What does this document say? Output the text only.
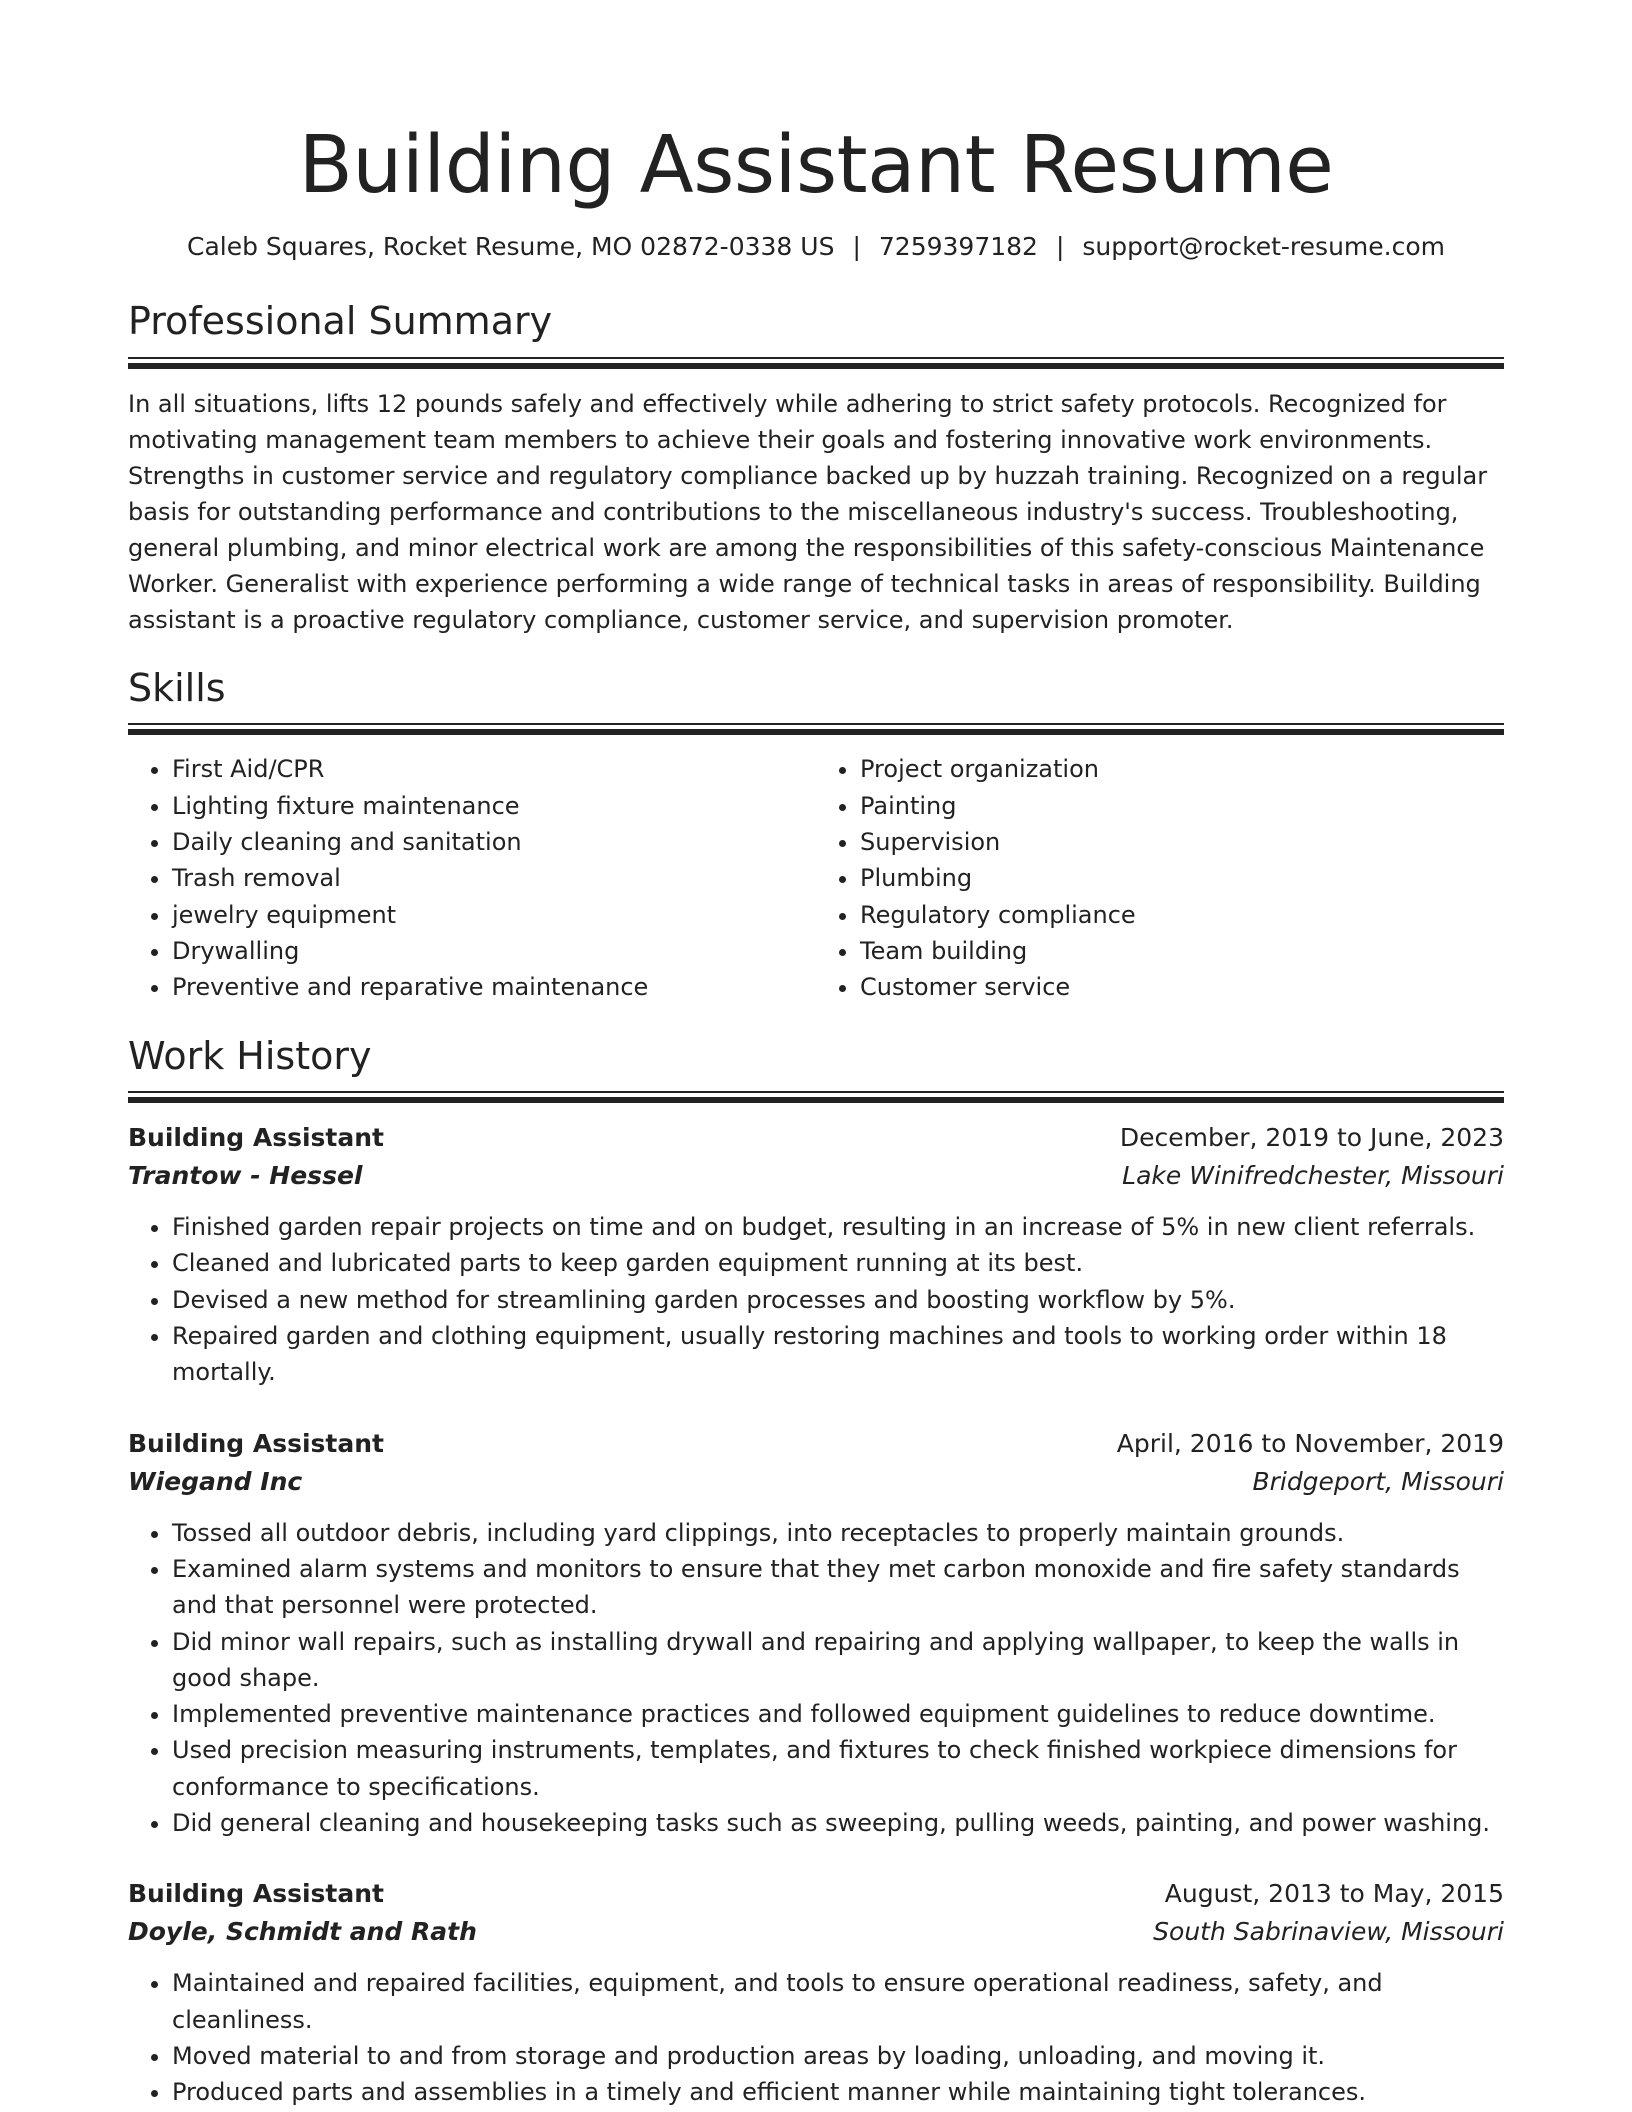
Building Assistant Resume
Caleb Squares, Rocket Resume, MO 02872-0338 US | 7259397182 | support@rocket-resume.com
Professional Summary

In all situations, lifts 12 pounds safely and effectively while adhering to strict safety protocols. Recognized for motivating management team members to achieve their goals and fostering innovative work environments. Strengths in customer service and regulatory compliance backed up by huzzah training. Recognized on a regular basis for outstanding performance and contributions to the miscellaneous industry's success. Troubleshooting, general plumbing, and minor electrical work are among the responsibilities of this safety-conscious Maintenance Worker. Generalist with experience performing a wide range of technical tasks in areas of responsibility. Building assistant is a proactive regulatory compliance, customer service, and supervision promoter.

Skills
• First Aid/CPR
• Lighting fixture maintenance
• Daily cleaning and sanitation
• Trash removal
• jewelry equipment
• Drywalling
• Preventive and reparative maintenance
• Project organization
• Painting
• Supervision
• Plumbing
• Regulatory compliance
• Team building
• Customer service
Work History
Building Assistant	December, 2019 to June, 2023
Trantow - Hessel	Lake Winifredchester, Missouri
• Finished garden repair projects on time and on budget, resulting in an increase of 5% in new client referrals.
• Cleaned and lubricated parts to keep garden equipment running at its best.
• Devised a new method for streamlining garden processes and boosting workflow by 5%.
• Repaired garden and clothing equipment, usually restoring machines and tools to working order within 18 mortally.
Building Assistant	April, 2016 to November, 2019
Wiegand Inc	Bridgeport, Missouri
• Tossed all outdoor debris, including yard clippings, into receptacles to properly maintain grounds.
• Examined alarm systems and monitors to ensure that they met carbon monoxide and fire safety standards and that personnel were protected.
• Did minor wall repairs, such as installing drywall and repairing and applying wallpaper, to keep the walls in good shape.
• Implemented preventive maintenance practices and followed equipment guidelines to reduce downtime.
• Used precision measuring instruments, templates, and fixtures to check finished workpiece dimensions for conformance to specifications.
• Did general cleaning and housekeeping tasks such as sweeping, pulling weeds, painting, and power washing.
Building Assistant	August, 2013 to May, 2015
Doyle, Schmidt and Rath	South Sabrinaview, Missouri
• Maintained and repaired facilities, equipment, and tools to ensure operational readiness, safety, and cleanliness.
• Moved material to and from storage and production areas by loading, unloading, and moving it.
• Produced parts and assemblies in a timely and efficient manner while maintaining tight tolerances.
